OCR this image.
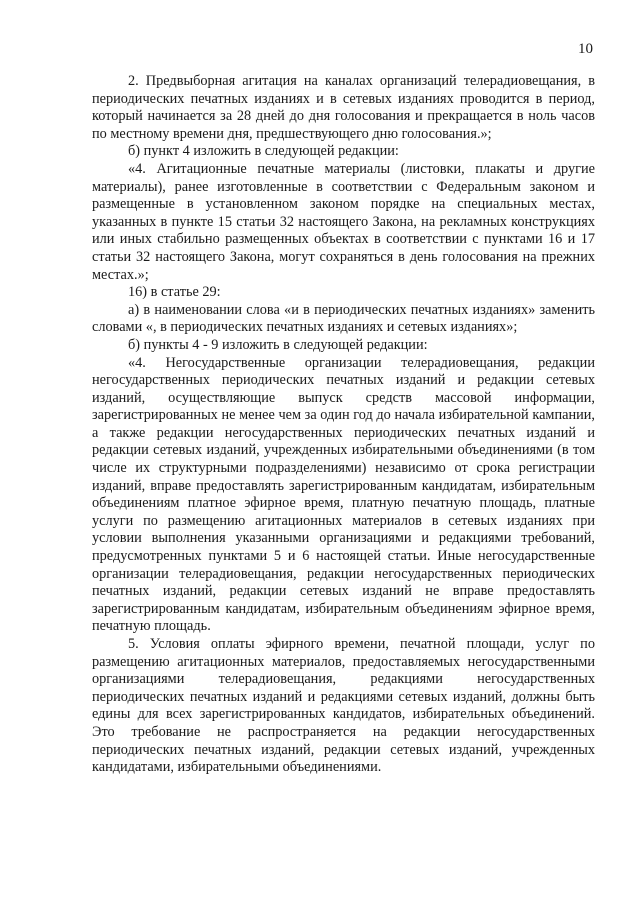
10

2. Предвыборная агитация на каналах организаций телерадиовещания, в периодических печатных изданиях и в сетевых изданиях проводится в период, который начинается за 28 дней до дня голосования и прекращается в ноль часов по местному времени дня, предшествующего дню голосования.»;

б) пункт 4 изложить в следующей редакции:

«4. Агитационные печатные материалы (листовки, плакаты и другие материалы), ранее изготовленные в соответствии с Федеральным законом и размещенные в установленном законом порядке на специальных местах, указанных в пункте 15 статьи 32 настоящего Закона, на рекламных конструкциях или иных стабильно размещенных объектах в соответствии с пунктами 16 и 17 статьи 32 настоящего Закона, могут сохраняться в день голосования на прежних местах.»;

16) в статье 29:

а) в наименовании слова «и в периодических печатных изданиях» заменить словами «, в периодических печатных изданиях и сетевых изданиях»;

б) пункты 4 - 9 изложить в следующей редакции:

«4. Негосударственные организации телерадиовещания, редакции негосударственных периодических печатных изданий и редакции сетевых изданий, осуществляющие выпуск средств массовой информации, зарегистрированных не менее чем за один год до начала избирательной кампании, а также редакции негосударственных периодических печатных изданий и редакции сетевых изданий, учрежденных избирательными объединениями (в том числе их структурными подразделениями) независимо от срока регистрации изданий, вправе предоставлять зарегистрированным кандидатам, избирательным объединениям платное эфирное время, платную печатную площадь, платные услуги по размещению агитационных материалов в сетевых изданиях при условии выполнения указанными организациями и редакциями требований, предусмотренных пунктами 5 и 6 настоящей статьи. Иные негосударственные организации телерадиовещания, редакции негосударственных периодических печатных изданий, редакции сетевых изданий не вправе предоставлять зарегистрированным кандидатам, избирательным объединениям эфирное время, печатную площадь.

5. Условия оплаты эфирного времени, печатной площади, услуг по размещению агитационных материалов, предоставляемых негосударственными организациями телерадиовещания, редакциями негосударственных периодических печатных изданий и редакциями сетевых изданий, должны быть едины для всех зарегистрированных кандидатов, избирательных объединений. Это требование не распространяется на редакции негосударственных периодических печатных изданий, редакции сетевых изданий, учрежденных кандидатами, избирательными объединениями.
